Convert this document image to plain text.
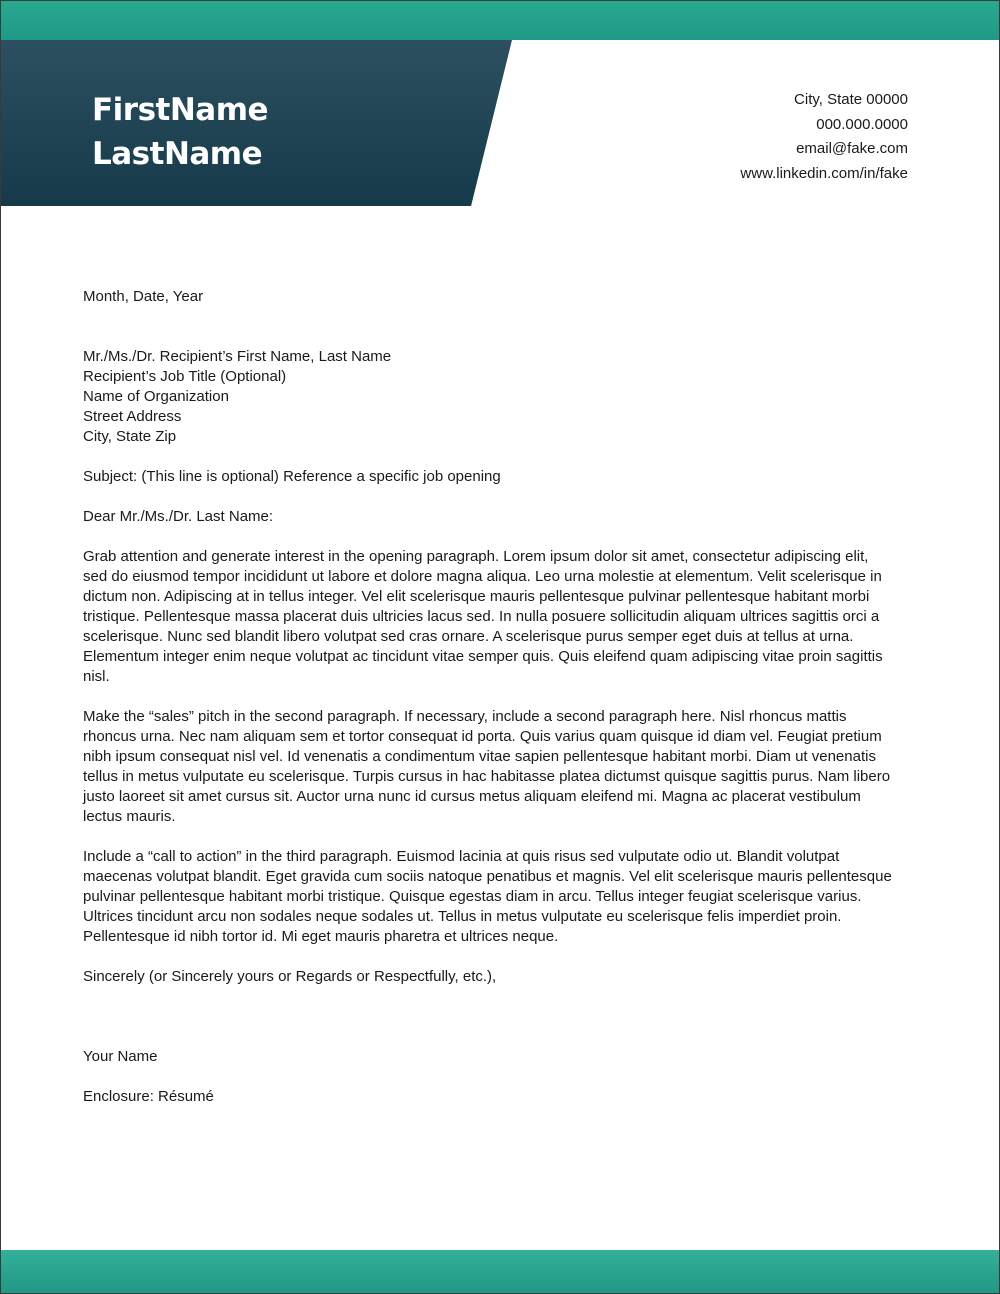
FirstName
LastName
City, State 00000
000.000.0000
email@fake.com
www.linkedin.com/in/fake
Month, Date, Year
Mr./Ms./Dr. Recipient’s First Name, Last Name
Recipient’s Job Title (Optional)
Name of Organization
Street Address
City, State Zip
Subject: (This line is optional) Reference a specific job opening
Dear Mr./Ms./Dr. Last Name:
Grab attention and generate interest in the opening paragraph. Lorem ipsum dolor sit amet, consectetur adipiscing elit,
sed do eiusmod tempor incididunt ut labore et dolore magna aliqua. Leo urna molestie at elementum. Velit scelerisque in
dictum non. Adipiscing at in tellus integer. Vel elit scelerisque mauris pellentesque pulvinar pellentesque habitant morbi
tristique. Pellentesque massa placerat duis ultricies lacus sed. In nulla posuere sollicitudin aliquam ultrices sagittis orci a
scelerisque. Nunc sed blandit libero volutpat sed cras ornare. A scelerisque purus semper eget duis at tellus at urna.
Elementum integer enim neque volutpat ac tincidunt vitae semper quis. Quis eleifend quam adipiscing vitae proin sagittis
nisl.
Make the “sales” pitch in the second paragraph. If necessary, include a second paragraph here. Nisl rhoncus mattis
rhoncus urna. Nec nam aliquam sem et tortor consequat id porta. Quis varius quam quisque id diam vel. Feugiat pretium
nibh ipsum consequat nisl vel. Id venenatis a condimentum vitae sapien pellentesque habitant morbi. Diam ut venenatis
tellus in metus vulputate eu scelerisque. Turpis cursus in hac habitasse platea dictumst quisque sagittis purus. Nam libero
justo laoreet sit amet cursus sit. Auctor urna nunc id cursus metus aliquam eleifend mi. Magna ac placerat vestibulum
lectus mauris.
Include a “call to action” in the third paragraph. Euismod lacinia at quis risus sed vulputate odio ut. Blandit volutpat
maecenas volutpat blandit. Eget gravida cum sociis natoque penatibus et magnis. Vel elit scelerisque mauris pellentesque
pulvinar pellentesque habitant morbi tristique. Quisque egestas diam in arcu. Tellus integer feugiat scelerisque varius.
Ultrices tincidunt arcu non sodales neque sodales ut. Tellus in metus vulputate eu scelerisque felis imperdiet proin.
Pellentesque id nibh tortor id. Mi eget mauris pharetra et ultrices neque.
Sincerely (or Sincerely yours or Regards or Respectfully, etc.),
Your Name
Enclosure: Résumé
